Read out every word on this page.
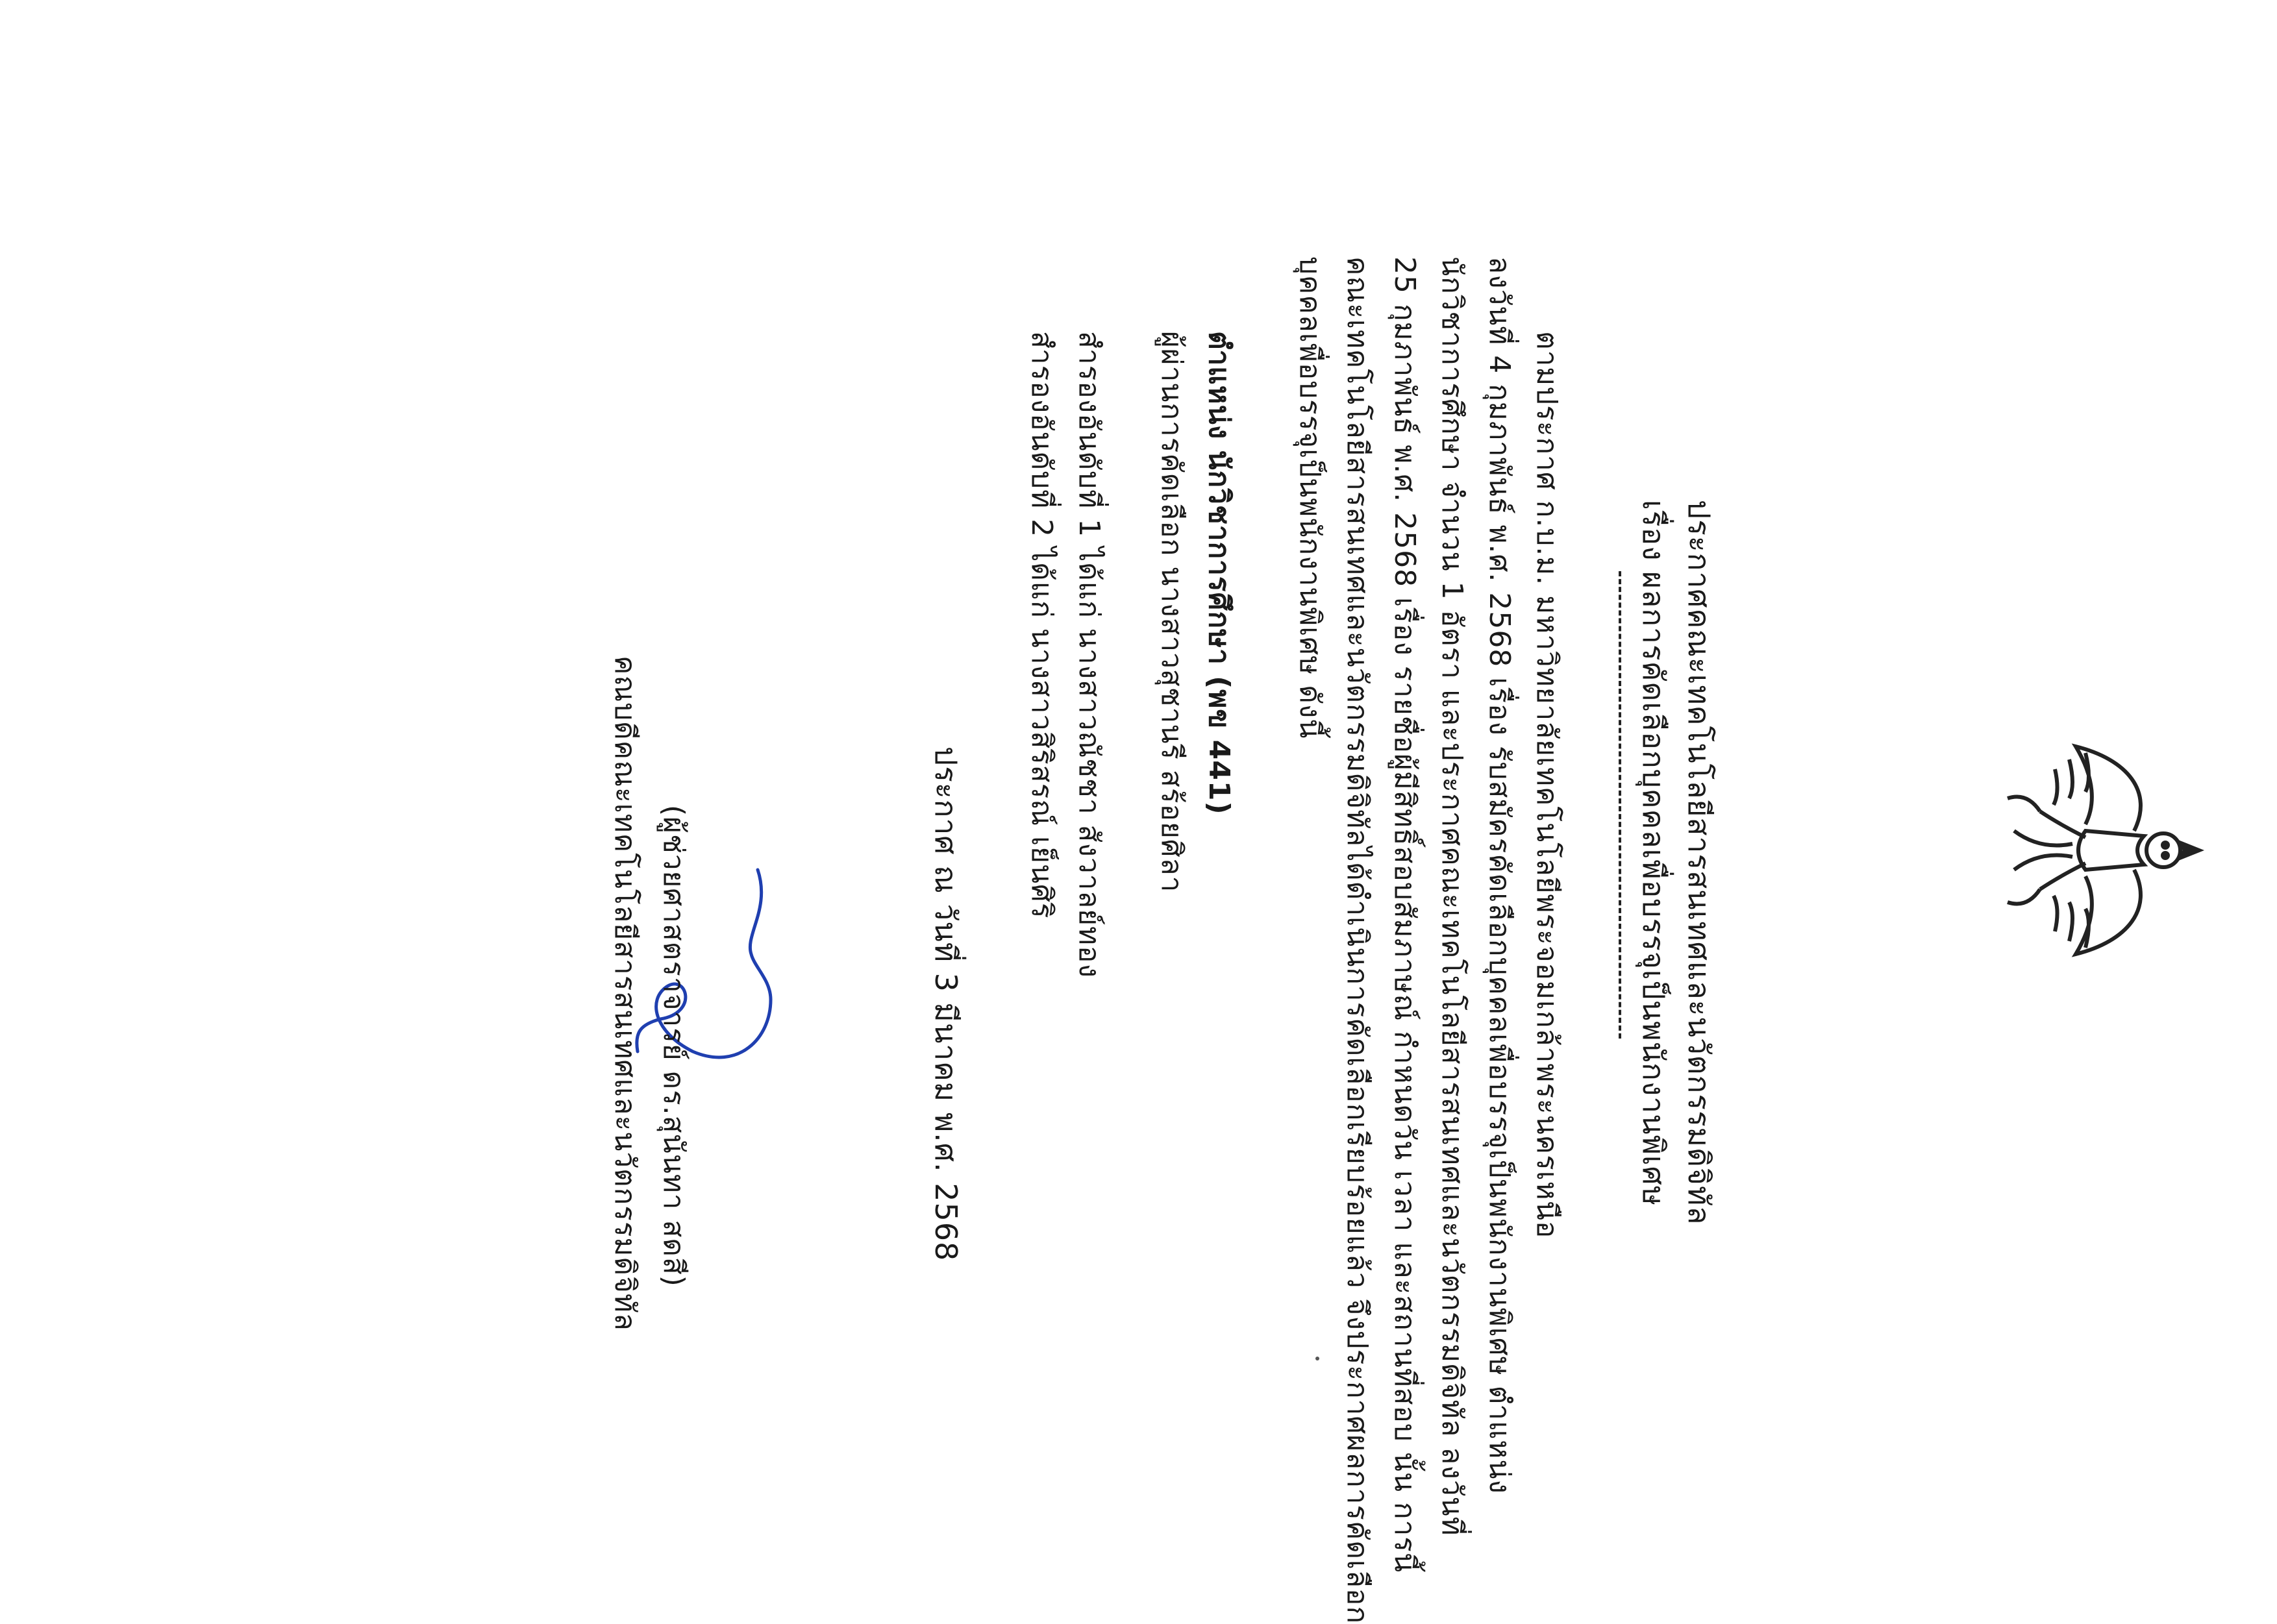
ประกาศคณะเทคโนโลยีสารสนเทศและนวัตกรรมดิจิทัล
เรื่อง ผลการคัดเลือกบุคคลเพื่อบรรจุเป็นพนักงานพิเศษ
ตามประกาศ ก.บ.ม. มหาวิทยาลัยเทคโนโลยีพระจอมเกล้าพระนครเหนือ
ลงวันที่ 4 กุมภาพันธ์ พ.ศ. 2568 เรื่อง รับสมัครคัดเลือกบุคคลเพื่อบรรจุเป็นพนักงานพิเศษ ตำแหน่ง
นักวิชาการศึกษา จำนวน 1 อัตรา และประกาศคณะเทคโนโลยีสารสนเทศและนวัตกรรมดิจิทัล ลงวันที่
25 กุมภาพันธ์ พ.ศ. 2568 เรื่อง รายชื่อผู้มีสิทธิ์สอบสัมภาษณ์ กำหนดวัน เวลา และสถานที่สอบ นั้น การนี้
คณะเทคโนโลยีสารสนเทศและนวัตกรรมดิจิทัลได้ดำเนินการคัดเลือกเรียบร้อยแล้ว จึงประกาศผลการคัดเลือก
บุคคลเพื่อบรรจุเป็นพนักงานพิเศษ ดังนี้
ตำแหน่ง นักวิชาการศึกษา (พข 441)
ผู้ผ่านการคัดเลือก นางสาวสุชานรี สร้อยศิลา
สำรองอันดับที่ 1 ได้แก่ นางสาวณัชชา สังวาลย์ทอง
สำรองอันดับที่ 2 ได้แก่ นางสาวสิริสรณ์ เย็นศิริ
ประกาศ ณ วันที่ 3 มีนาคม พ.ศ. 2568
(ผู้ช่วยศาสตราจารย์ ดร.สุนันทา สดสี)
คณบดีคณะเทคโนโลยีสารสนเทศและนวัตกรรมดิจิทัล
